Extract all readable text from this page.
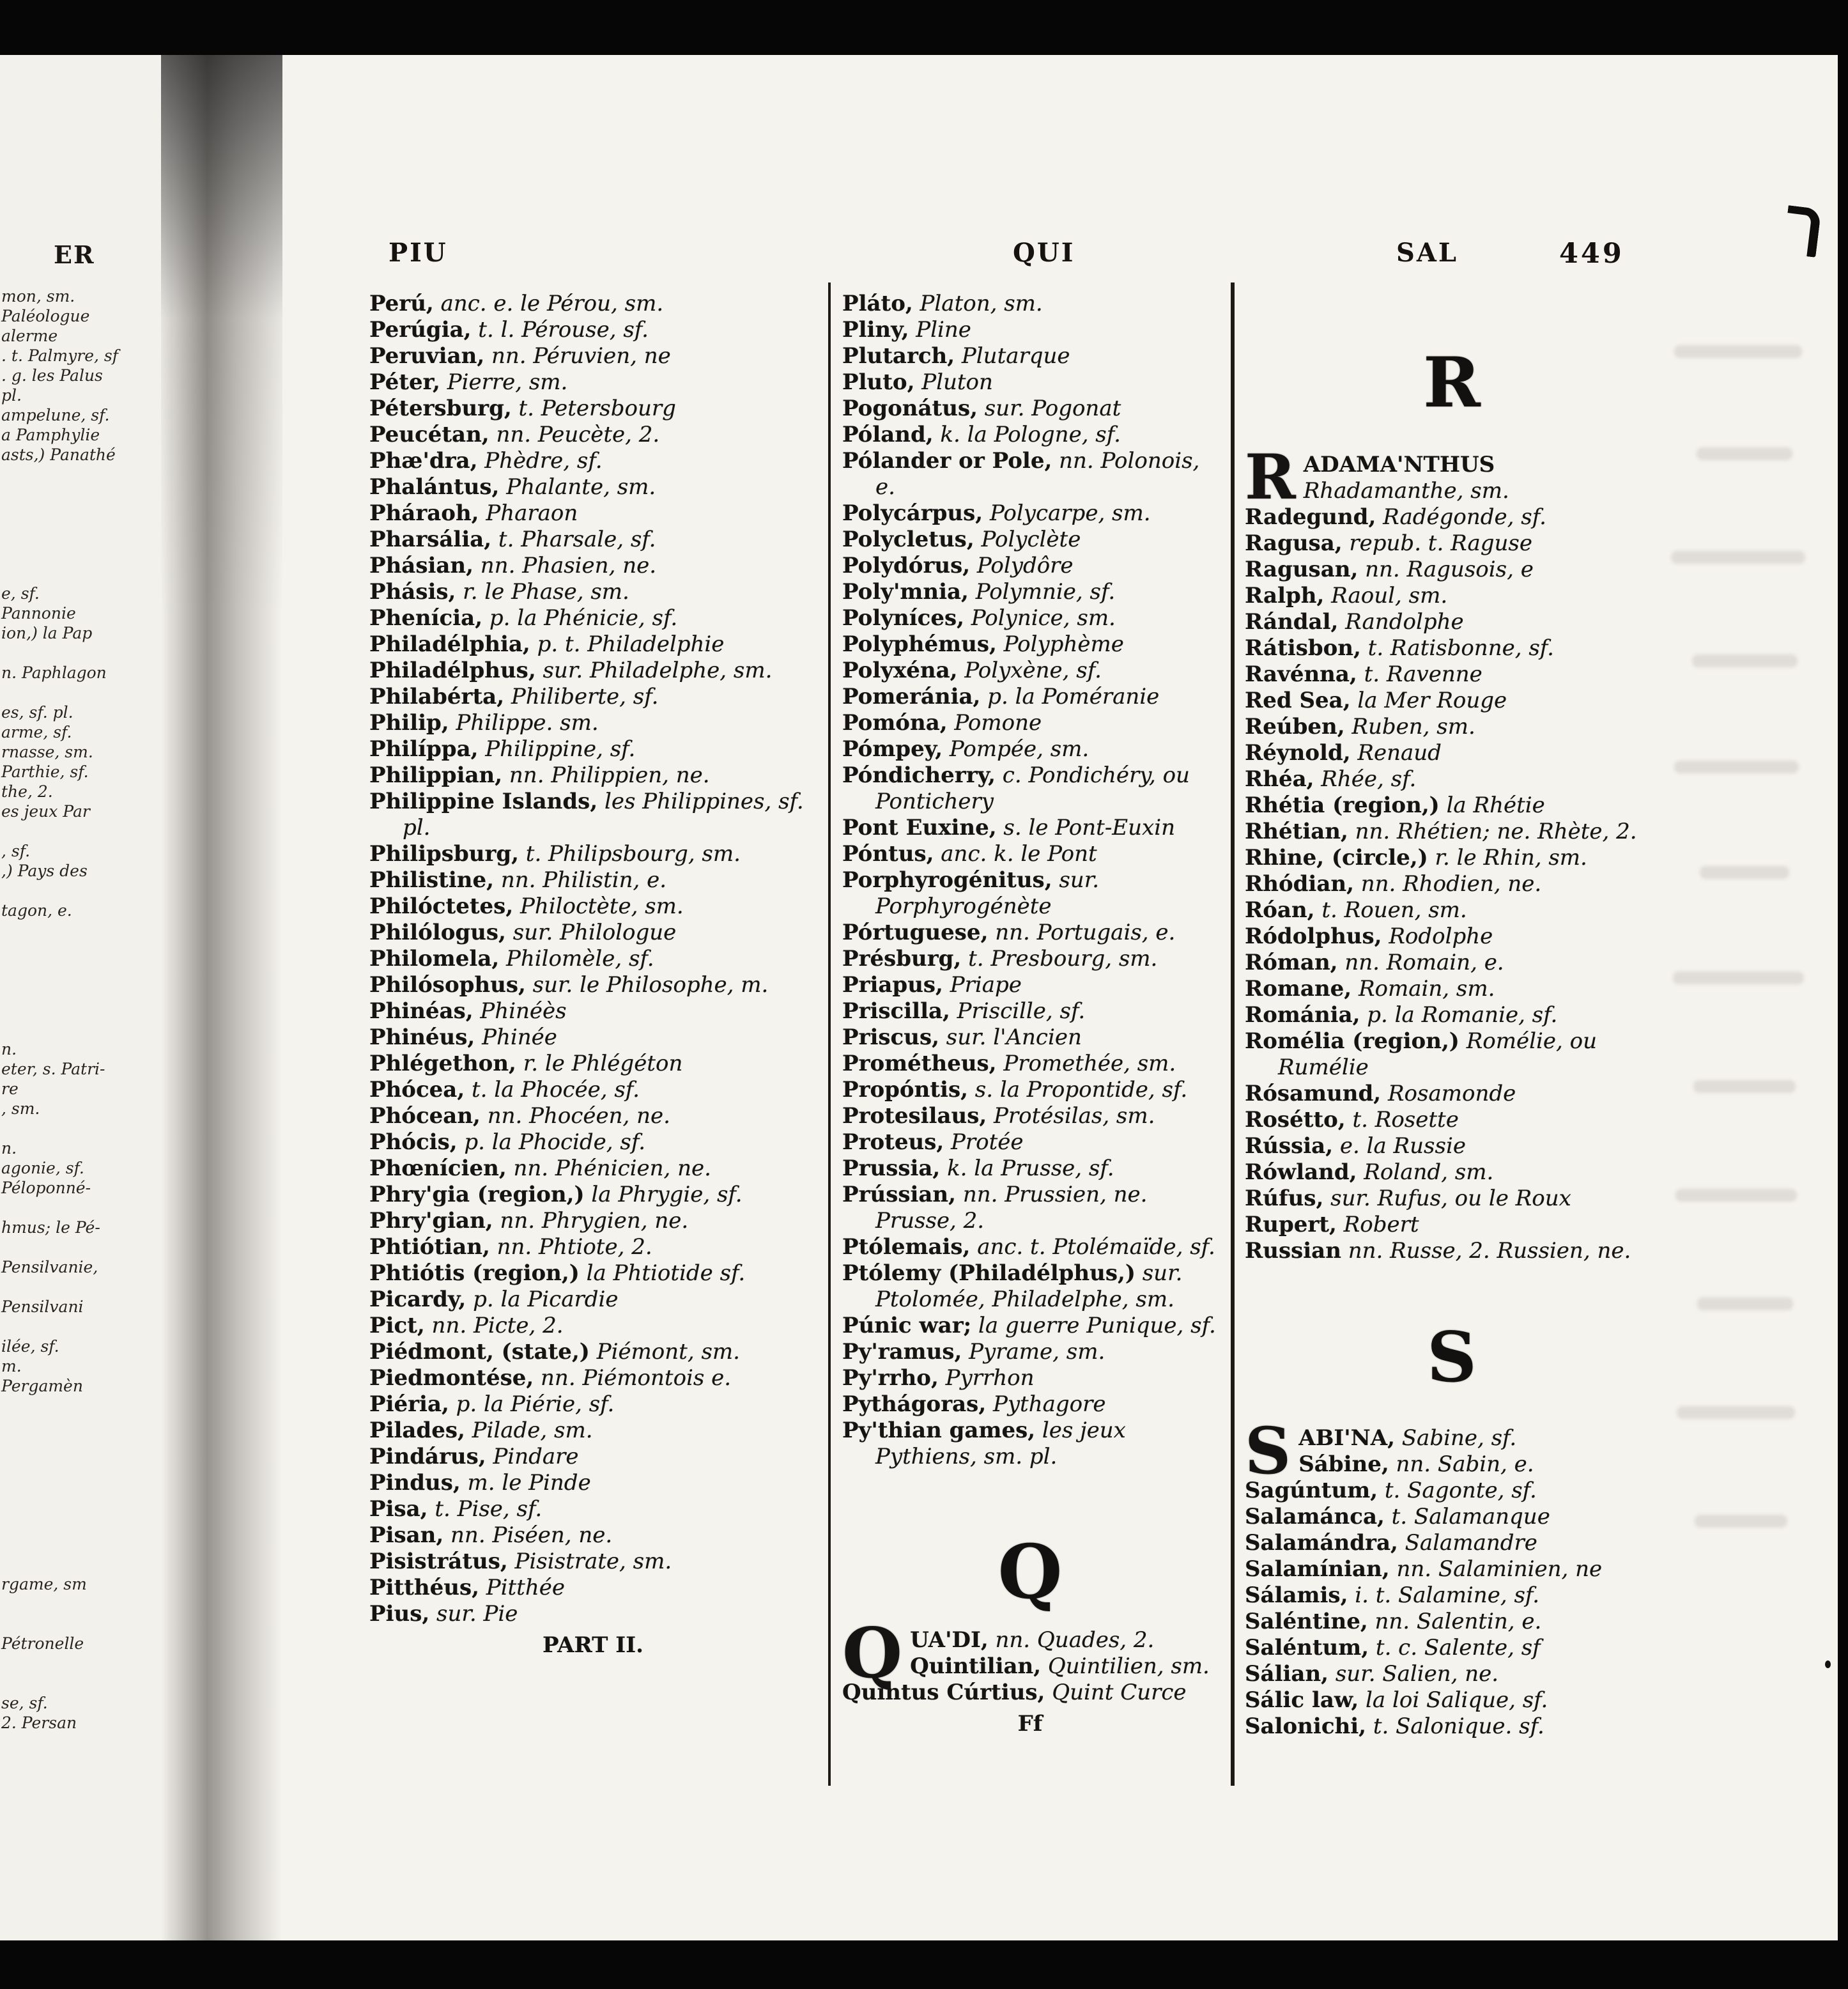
ER
mon, sm.
Paléologue
alerme
. t. Palmyre, sf
. g. les Palus
pl.
ampelune, sf.
a Pamphylie
asts,) Panathé
e, sf.
Pannonie
ion,) la Pap
n. Paphlagon
es, sf. pl.
arme, sf.
rnasse, sm.
Parthie, sf.
the, 2.
es jeux Par
, sf.
,) Pays des
tagon, e.
n.
eter, s. Patri-
re
, sm.
n.
agonie, sf.
Péloponné-
hmus; le Pé-
Pensilvanie,
Pensilvani
ilée, sf.
m.
Pergamèn
rgame, sm
Pétronelle
se, sf.
2. Persan
PIU	QUI	SAL	449
Perú, anc. e. le Pérou, sm.
Perúgia, t. l. Pérouse, sf.
Peruvian, nn. Péruvien, ne
Péter, Pierre, sm.
Pétersburg, t. Petersbourg
Peucétan, nn. Peucète, 2.
Phæ'dra, Phèdre, sf.
Phalántus, Phalante, sm.
Pháraoh, Pharaon
Pharsália, t. Pharsale, sf.
Phásian, nn. Phasien, ne.
Phásis, r. le Phase, sm.
Phenícia, p. la Phénicie, sf.
Philadélphia, p. t. Philadelphie
Philadélphus, sur. Philadelphe, sm.
Philabérta, Philiberte, sf.
Philip, Philippe. sm.
Philíppa, Philippine, sf.
Philippian, nn. Philippien, ne.
Philippine Islands, les Philippines, sf. pl.
Philipsburg, t. Philipsbourg, sm.
Philistine, nn. Philistin, e.
Philóctetes, Philoctète, sm.
Philólogus, sur. Philologue
Philomela, Philomèle, sf.
Philósophus, sur. le Philosophe, m.
Phinéas, Phinéès
Phinéus, Phinée
Phlégethon, r. le Phlégéton
Phócea, t. la Phocée, sf.
Phócean, nn. Phocéen, ne.
Phócis, p. la Phocide, sf.
Phœnícien, nn. Phénicien, ne.
Phry'gia (region,) la Phrygie, sf.
Phry'gian, nn. Phrygien, ne.
Phtiótian, nn. Phtiote, 2.
Phtiótis (region,) la Phtiotide sf.
Picardy, p. la Picardie
Pict, nn. Picte, 2.
Piédmont, (state,) Piémont, sm.
Piedmontése, nn. Piémontois e.
Piéria, p. la Piérie, sf.
Pilades, Pilade, sm.
Pindárus, Pindare
Pindus, m. le Pinde
Pisa, t. Pise, sf.
Pisan, nn. Piséen, ne.
Pisistrátus, Pisistrate, sm.
Pitthéus, Pitthée
Pius, sur. Pie
PART II.
Pláto, Platon, sm.
Pliny, Pline
Plutarch, Plutarque
Pluto, Pluton
Pogonátus, sur. Pogonat
Póland, k. la Pologne, sf.
Pólander or Pole, nn. Polonois, e.
Polycárpus, Polycarpe, sm.
Polycletus, Polyclète
Polydórus, Polydôre
Poly'mnia, Polymnie, sf.
Polyníces, Polynice, sm.
Polyphémus, Polyphème
Polyxéna, Polyxène, sf.
Pomeránia, p. la Poméranie
Pomóna, Pomone
Pómpey, Pompée, sm.
Póndicherry, c. Pondichéry, ou Pontichery
Pont Euxine, s. le Pont-Euxin
Póntus, anc. k. le Pont
Porphyrogénitus, sur. Porphyrogénète
Pórtuguese, nn. Portugais, e.
Présburg, t. Presbourg, sm.
Priapus, Priape
Priscilla, Priscille, sf.
Priscus, sur. l'Ancien
Prométheus, Promethée, sm.
Propóntis, s. la Propontide, sf.
Protesilaus, Protésilas, sm.
Proteus, Protée
Prussia, k. la Prusse, sf.
Prússian, nn. Prussien, ne. Prusse, 2.
Ptólemais, anc. t. Ptolémaïde, sf.
Ptólemy (Philadélphus,) sur. Ptolomée, Philadelphe, sm.
Púnic war; la guerre Punique, sf.
Py'ramus, Pyrame, sm.
Py'rrho, Pyrrhon
Pythágoras, Pythagore
Py'thian games, les jeux Pythiens, sm. pl.
Q
Q UA'DI, nn. Quades, 2.
Quintilian, Quintilien, sm.
Quintus Cúrtius, Quint Curce
Ff
R
R ADAMA'NTHUS Rhadamanthe, sm.
Radegund, Radégonde, sf.
Ragusa, repub. t. Raguse
Ragusan, nn. Ragusois, e
Ralph, Raoul, sm.
Rándal, Randolphe
Rátisbon, t. Ratisbonne, sf.
Ravénna, t. Ravenne
Red Sea, la Mer Rouge
Reúben, Ruben, sm.
Réynold, Renaud
Rhéa, Rhée, sf.
Rhétia (region,) la Rhétie
Rhétian, nn. Rhétien; ne. Rhète, 2.
Rhine, (circle,) r. le Rhin, sm.
Rhódian, nn. Rhodien, ne.
Róan, t. Rouen, sm.
Ródolphus, Rodolphe
Róman, nn. Romain, e.
Romane, Romain, sm.
Románia, p. la Romanie, sf.
Romélia (region,) Romélie, ou Rumélie
Rósamund, Rosamonde
Rosétto, t. Rosette
Rússia, e. la Russie
Rówland, Roland, sm.
Rúfus, sur. Rufus, ou le Roux
Rupert, Robert
Russian nn. Russe, 2. Russien, ne.
S
S ABI'NA, Sabine, sf.
Sábine, nn. Sabin, e.
Sagúntum, t. Sagonte, sf.
Salamánca, t. Salamanque
Salamándra, Salamandre
Salamínian, nn. Salaminien, ne
Sálamis, i. t. Salamine, sf.
Saléntine, nn. Salentin, e.
Saléntum, t. c. Salente, sf
Sálian, sur. Salien, ne.
Sálic law, la loi Salique, sf.
Salonichi, t. Salonique. sf.
